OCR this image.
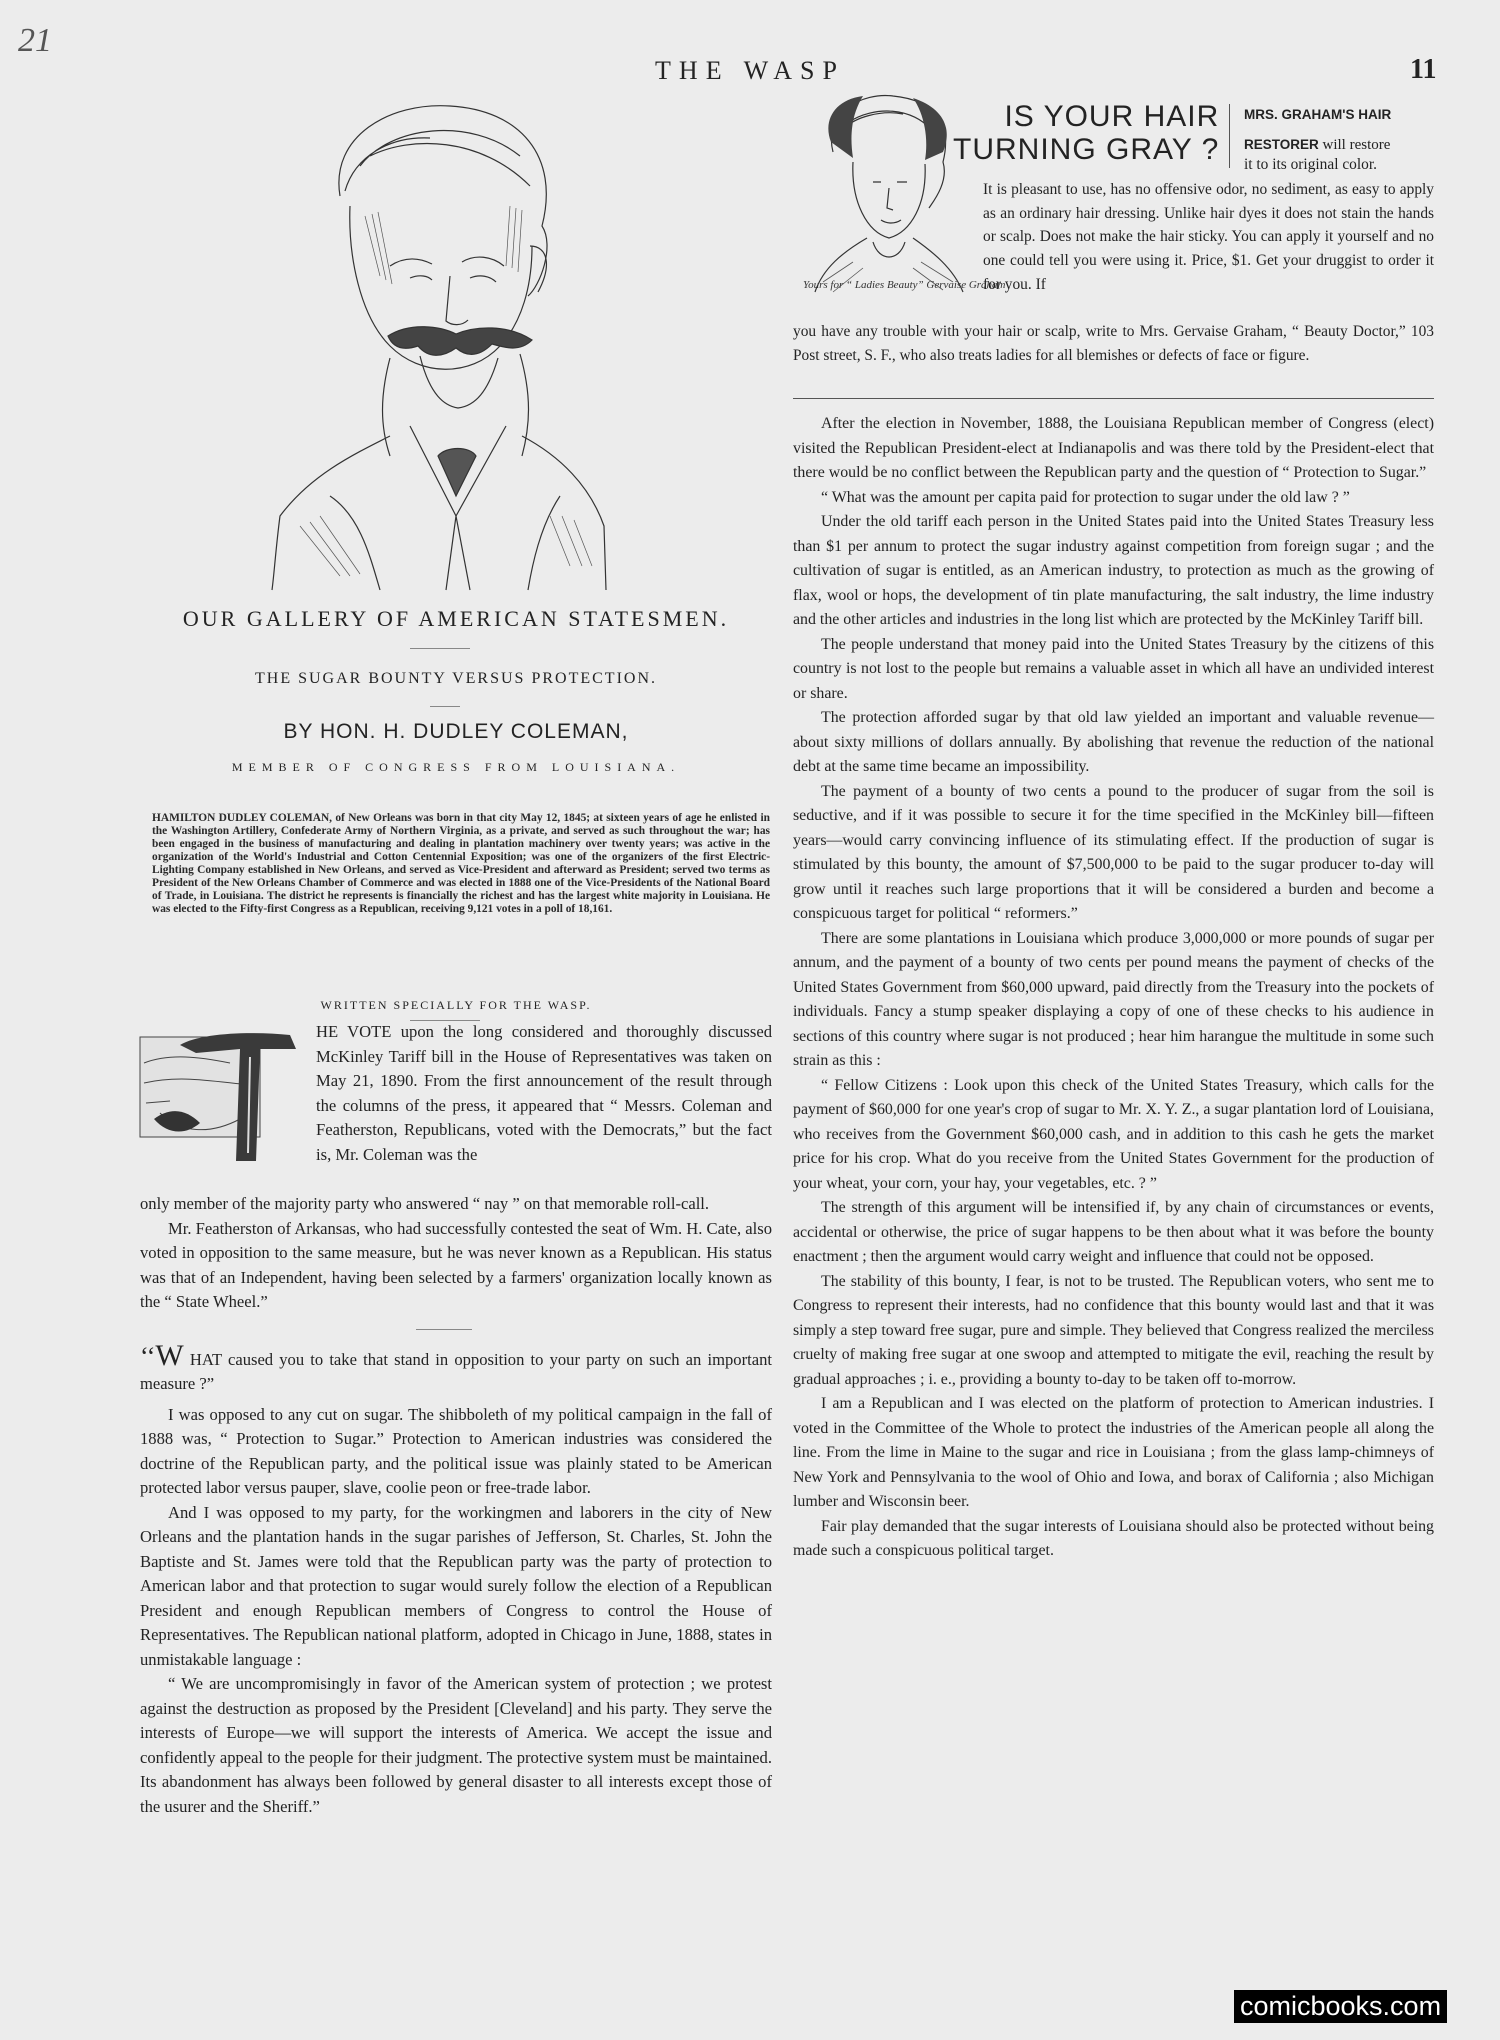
21
THE WASP	11
OUR GALLERY OF AMERICAN STATESMEN.
THE SUGAR BOUNTY VERSUS PROTECTION.
BY HON. H. DUDLEY COLEMAN,
MEMBER OF CONGRESS FROM LOUISIANA.
HAMILTON DUDLEY COLEMAN, of New Orleans was born in that city May 12, 1845; at sixteen years of age he enlisted in the Washington Artillery, Confederate Army of Northern Virginia, as a private, and served as such throughout the war; has been engaged in the business of manufacturing and dealing in plantation machinery over twenty years; was active in the organization of the World's Industrial and Cotton Centennial Exposition; was one of the organizers of the first Electric-Lighting Company established in New Orleans, and served as Vice-President and afterward as President; served two terms as President of the New Orleans Chamber of Commerce and was elected in 1888 one of the Vice-Presidents of the National Board of Trade, in Louisiana. The district he represents is financially the richest and has the largest white majority in Louisiana. He was elected to the Fifty-first Congress as a Republican, receiving 9,121 votes in a poll of 18,161.
WRITTEN SPECIALLY FOR THE WASP.

HE VOTE upon the long considered and thoroughly discussed McKinley Tariff bill in the House of Representatives was taken on May 21, 1890. From the first announcement of the result through the columns of the press, it appeared that “ Messrs. Coleman and Featherston, Republicans, voted with the Democrats,” but the fact is, Mr. Coleman was the

only member of the majority party who answered “ nay ” on that memorable roll-call.

Mr. Featherston of Arkansas, who had successfully contested the seat of Wm. H. Cate, also voted in opposition to the same measure, but he was never known as a Republican. His status was that of an Independent, having been selected by a farmers' organization locally known as the “ State Wheel.”

‘‘W HAT caused you to take that stand in opposition to your party on such an important measure ?”

I was opposed to any cut on sugar. The shibboleth of my political campaign in the fall of 1888 was, “ Protection to Sugar.” Protection to American industries was considered the doctrine of the Republican party, and the political issue was plainly stated to be American protected labor versus pauper, slave, coolie peon or free-trade labor.

And I was opposed to my party, for the workingmen and laborers in the city of New Orleans and the plantation hands in the sugar parishes of Jefferson, St. Charles, St. John the Baptiste and St. James were told that the Republican party was the party of protection to American labor and that protection to sugar would surely follow the election of a Republican President and enough Republican members of Congress to control the House of Representatives. The Republican national platform, adopted in Chicago in June, 1888, states in unmistakable language :

“ We are uncompromisingly in favor of the American system of protection ; we protest against the destruction as proposed by the President [Cleveland] and his party. They serve the interests of Europe—we will support the interests of America. We accept the issue and confidently appeal to the people for their judgment. The protective system must be maintained. Its abandonment has always been followed by general disaster to all interests except those of the usurer and the Sheriff.”

Yours for “ Ladies Beauty” Gervaise Graham
IS YOUR HAIR
TURNING GRAY ?
MRS. GRAHAM'S HAIR
RESTORER will restore
it to its original color.
It is pleasant to use, has no offensive odor, no sediment, as easy to apply as an ordinary hair dressing. Unlike hair dyes it does not stain the hands or scalp. Does not make the hair sticky. You can apply it yourself and no one could tell you were using it. Price, $1. Get your druggist to order it for you. If
you have any trouble with your hair or scalp, write to Mrs. Gervaise Graham, “ Beauty Doctor,” 103 Post street, S. F., who also treats ladies for all blemishes or defects of face or figure.

After the election in November, 1888, the Louisiana Republican member of Congress (elect) visited the Republican President-elect at Indianapolis and was there told by the President-elect that there would be no conflict between the Republican party and the question of “ Protection to Sugar.”

“ What was the amount per capita paid for protection to sugar under the old law ? ”

Under the old tariff each person in the United States paid into the United States Treasury less than $1 per annum to protect the sugar industry against competition from foreign sugar ; and the cultivation of sugar is entitled, as an American industry, to protection as much as the growing of flax, wool or hops, the development of tin plate manufacturing, the salt industry, the lime industry and the other articles and industries in the long list which are protected by the McKinley Tariff bill.

The people understand that money paid into the United States Treasury by the citizens of this country is not lost to the people but remains a valuable asset in which all have an undivided interest or share.

The protection afforded sugar by that old law yielded an important and valuable revenue—about sixty millions of dollars annually. By abolishing that revenue the reduction of the national debt at the same time became an impossibility.

The payment of a bounty of two cents a pound to the producer of sugar from the soil is seductive, and if it was possible to secure it for the time specified in the McKinley bill—fifteen years—would carry convincing influence of its stimulating effect. If the production of sugar is stimulated by this bounty, the amount of $7,500,000 to be paid to the sugar producer to-day will grow until it reaches such large proportions that it will be considered a burden and become a conspicuous target for political “ reformers.”

There are some plantations in Louisiana which produce 3,000,000 or more pounds of sugar per annum, and the payment of a bounty of two cents per pound means the payment of checks of the United States Government from $60,000 upward, paid directly from the Treasury into the pockets of individuals. Fancy a stump speaker displaying a copy of one of these checks to his audience in sections of this country where sugar is not produced ; hear him harangue the multitude in some such strain as this :

“ Fellow Citizens : Look upon this check of the United States Treasury, which calls for the payment of $60,000 for one year's crop of sugar to Mr. X. Y. Z., a sugar plantation lord of Louisiana, who receives from the Government $60,000 cash, and in addition to this cash he gets the market price for his crop. What do you receive from the United States Government for the production of your wheat, your corn, your hay, your vegetables, etc. ? ”

The strength of this argument will be intensified if, by any chain of circumstances or events, accidental or otherwise, the price of sugar happens to be then about what it was before the bounty enactment ; then the argument would carry weight and influence that could not be opposed.

The stability of this bounty, I fear, is not to be trusted. The Republican voters, who sent me to Congress to represent their interests, had no confidence that this bounty would last and that it was simply a step toward free sugar, pure and simple. They believed that Congress realized the merciless cruelty of making free sugar at one swoop and attempted to mitigate the evil, reaching the result by gradual approaches ; i. e., providing a bounty to-day to be taken off to-morrow.

I am a Republican and I was elected on the platform of protection to American industries. I voted in the Committee of the Whole to protect the industries of the American people all along the line. From the lime in Maine to the sugar and rice in Louisiana ; from the glass lamp-chimneys of New York and Pennsylvania to the wool of Ohio and Iowa, and borax of California ; also Michigan lumber and Wisconsin beer.

Fair play demanded that the sugar interests of Louisiana should also be protected without being made such a conspicuous political target.

comicbooks.com
